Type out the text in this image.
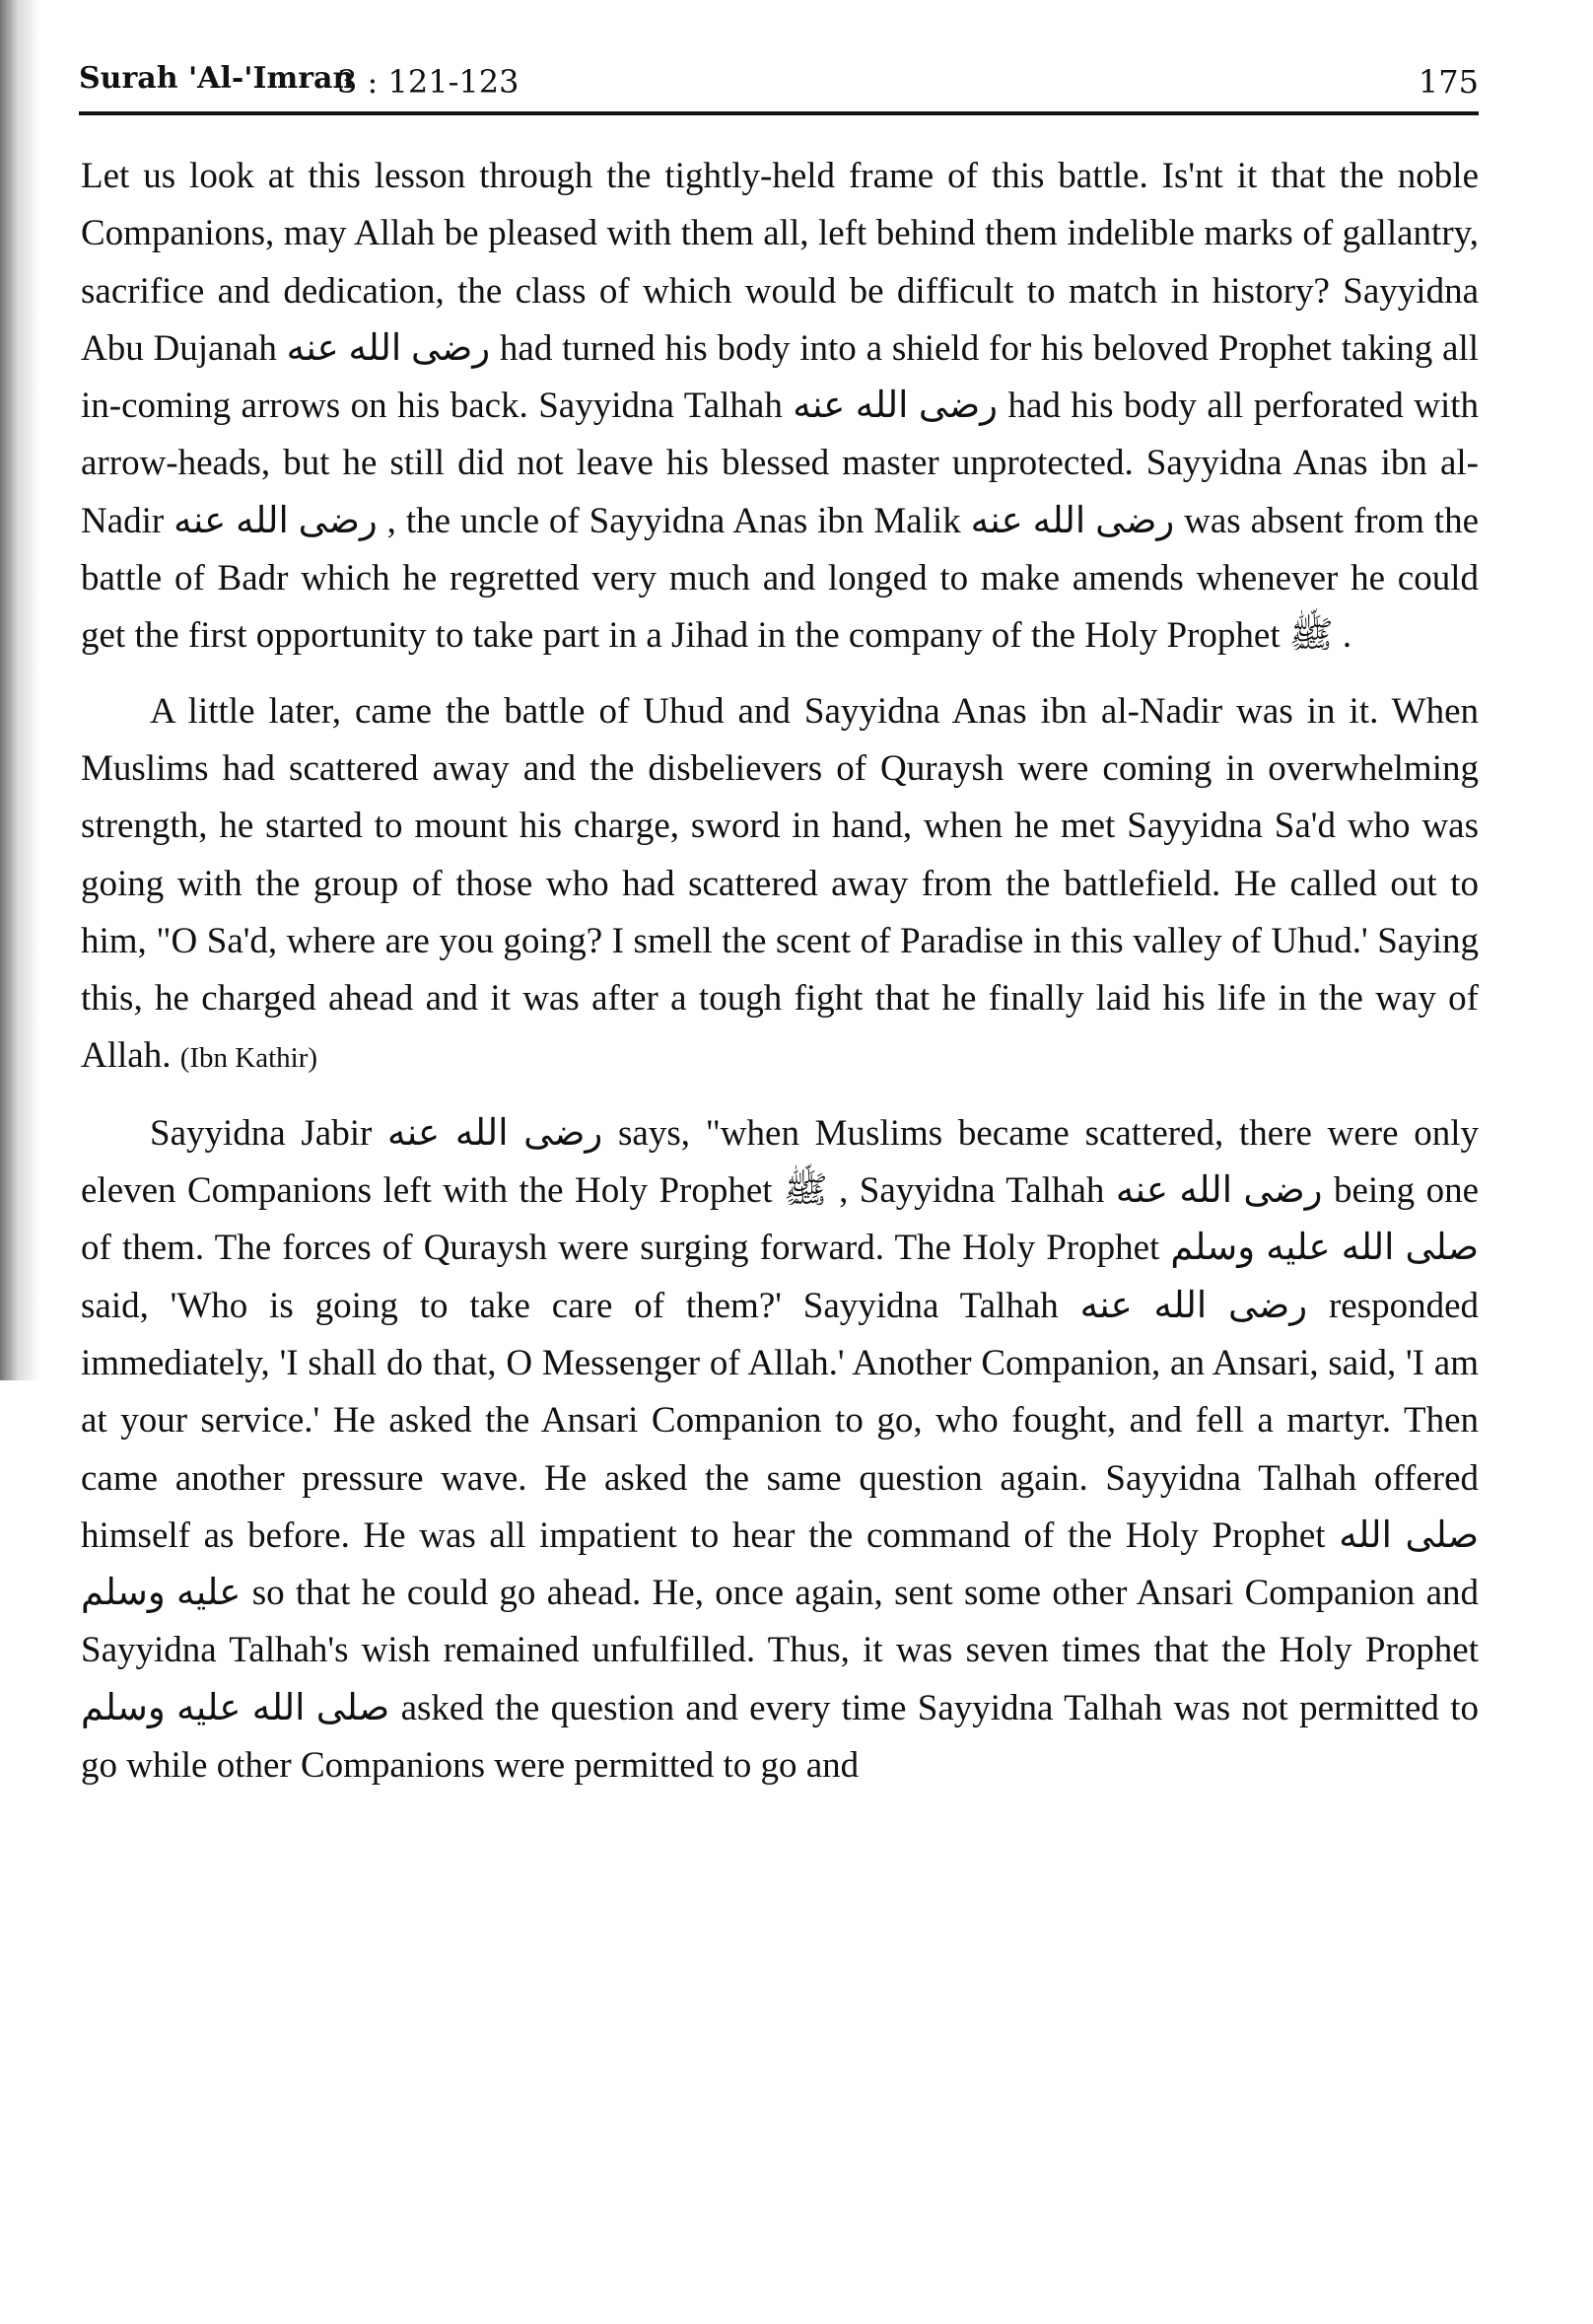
Surah 'Al-'Imran
3 : 121-123	175

Let us look at this lesson through the tightly-held frame of this battle. Is'nt it that the noble Companions, may Allah be pleased with them all, left behind them indelible marks of gallantry, sacrifice and dedication, the class of which would be difficult to match in history? Sayyidna Abu Dujanah رضى الله عنه had turned his body into a shield for his beloved Prophet taking all in-coming arrows on his back. Sayyidna Talhah رضى الله عنه had his body all perforated with arrow-heads, but he still did not leave his blessed master unprotected. Sayyidna Anas ibn al-Nadir رضى الله عنه , the uncle of Sayyidna Anas ibn Malik رضى الله عنه was absent from the battle of Badr which he regretted very much and longed to make amends whenever he could get the first opportunity to take part in a Jihad in the company of the Holy Prophet ﷺ .

A little later, came the battle of Uhud and Sayyidna Anas ibn al-Nadir was in it. When Muslims had scattered away and the disbelievers of Quraysh were coming in overwhelming strength, he started to mount his charge, sword in hand, when he met Sayyidna Sa'd who was going with the group of those who had scattered away from the battlefield. He called out to him, "O Sa'd, where are you going? I smell the scent of Paradise in this valley of Uhud.' Saying this, he charged ahead and it was after a tough fight that he finally laid his life in the way of Allah. (Ibn Kathir)

Sayyidna Jabir رضى الله عنه says, "when Muslims became scattered, there were only eleven Companions left with the Holy Prophet ﷺ , Sayyidna Talhah رضى الله عنه being one of them. The forces of Quraysh were surging forward. The Holy Prophet صلى الله عليه وسلم said, 'Who is going to take care of them?' Sayyidna Talhah رضى الله عنه responded immediately, 'I shall do that, O Messenger of Allah.' Another Companion, an Ansari, said, 'I am at your service.' He asked the Ansari Companion to go, who fought, and fell a martyr. Then came another pressure wave. He asked the same question again. Sayyidna Talhah offered himself as before. He was all impatient to hear the command of the Holy Prophet صلى الله عليه وسلم so that he could go ahead. He, once again, sent some other Ansari Companion and Sayyidna Talhah's wish remained unfulfilled. Thus, it was seven times that the Holy Prophet صلى الله عليه وسلم asked the question and every time Sayyidna Talhah was not permitted to go while other Companions were permitted to go and
